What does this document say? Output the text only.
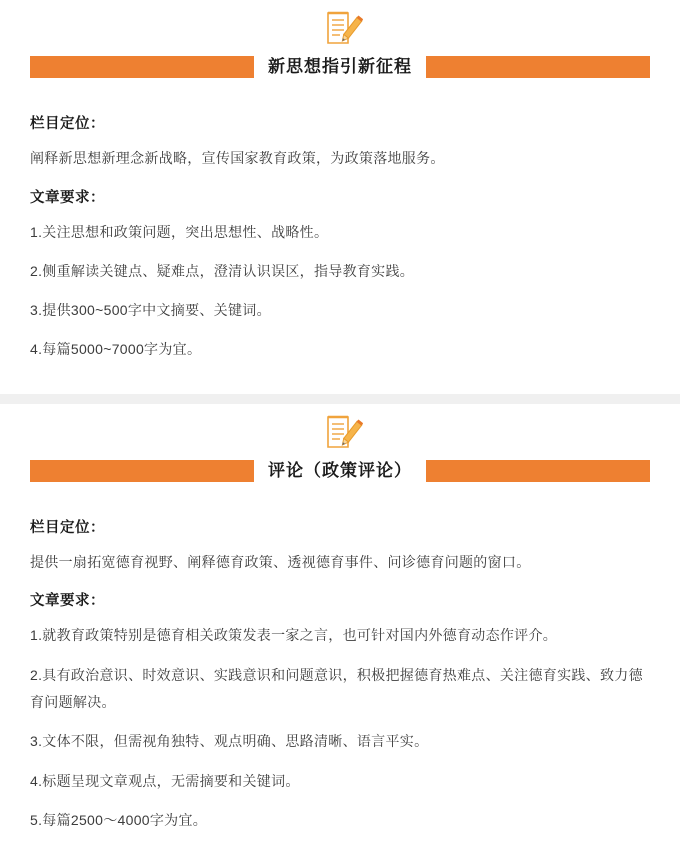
新思想指引新征程
栏目定位：

阐释新思想新理念新战略，宣传国家教育政策，为政策落地服务。

文章要求：
1.关注思想和政策问题，突出思想性、战略性。
2.侧重解读关键点、疑难点，澄清认识误区，指导教育实践。
3.提供300~500字中文摘要、关键词。
4.每篇5000~7000字为宜。
评论（政策评论）
栏目定位：

提供一扇拓宽德育视野、阐释德育政策、透视德育事件、问诊德育问题的窗口。

文章要求：
1.就教育政策特别是德育相关政策发表一家之言，也可针对国内外德育动态作评介。
2.具有政治意识、时效意识、实践意识和问题意识，积极把握德育热难点、关注德育实践、致力德育问题解决。
3.文体不限，但需视角独特、观点明确、思路清晰、语言平实。
4.标题呈现文章观点，无需摘要和关键词。
5.每篇2500～4000字为宜。
